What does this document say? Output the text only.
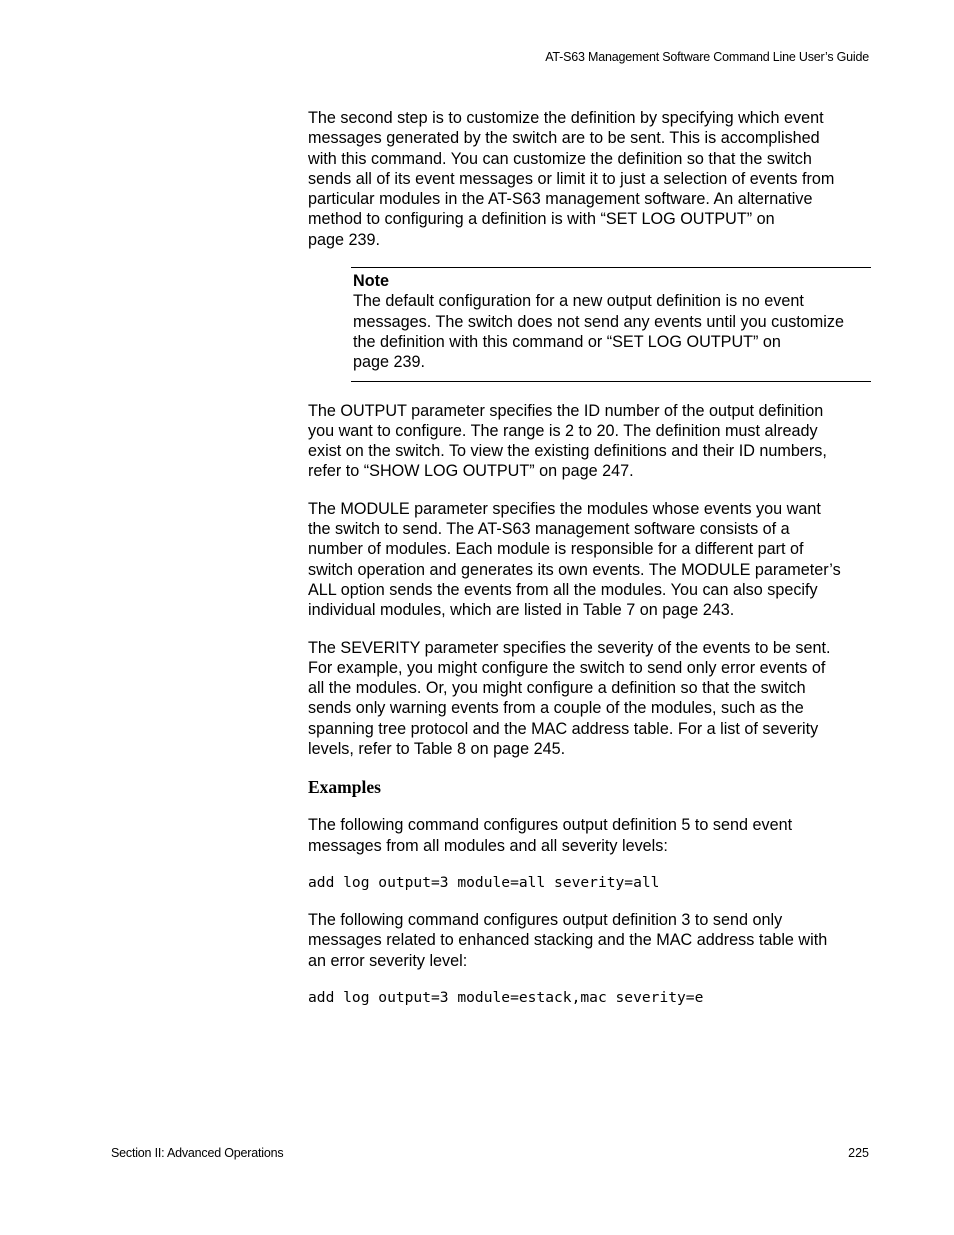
AT-S63 Management Software Command Line User’s Guide

The second step is to customize the definition by specifying which event
messages generated by the switch are to be sent. This is accomplished
with this command. You can customize the definition so that the switch
sends all of its event messages or limit it to just a selection of events from
particular modules in the AT-S63 management software. An alternative
method to configuring a definition is with “SET LOG OUTPUT” on
page 239.

Note
The default configuration for a new output definition is no event
messages. The switch does not send any events until you customize
the definition with this command or “SET LOG OUTPUT” on
page 239.

The OUTPUT parameter specifies the ID number of the output definition
you want to configure. The range is 2 to 20. The definition must already
exist on the switch. To view the existing definitions and their ID numbers,
refer to “SHOW LOG OUTPUT” on page 247.

The MODULE parameter specifies the modules whose events you want
the switch to send. The AT-S63 management software consists of a
number of modules. Each module is responsible for a different part of
switch operation and generates its own events. The MODULE parameter’s
ALL option sends the events from all the modules. You can also specify
individual modules, which are listed in Table 7 on page 243.

The SEVERITY parameter specifies the severity of the events to be sent.
For example, you might configure the switch to send only error events of
all the modules. Or, you might configure a definition so that the switch
sends only warning events from a couple of the modules, such as the
spanning tree protocol and the MAC address table. For a list of severity
levels, refer to Table 8 on page 245.

Examples

The following command configures output definition 5 to send event
messages from all modules and all severity levels:

add log output=3 module=all severity=all

The following command configures output definition 3 to send only
messages related to enhanced stacking and the MAC address table with
an error severity level:

add log output=3 module=estack,mac severity=e
Section II: Advanced Operations	225
